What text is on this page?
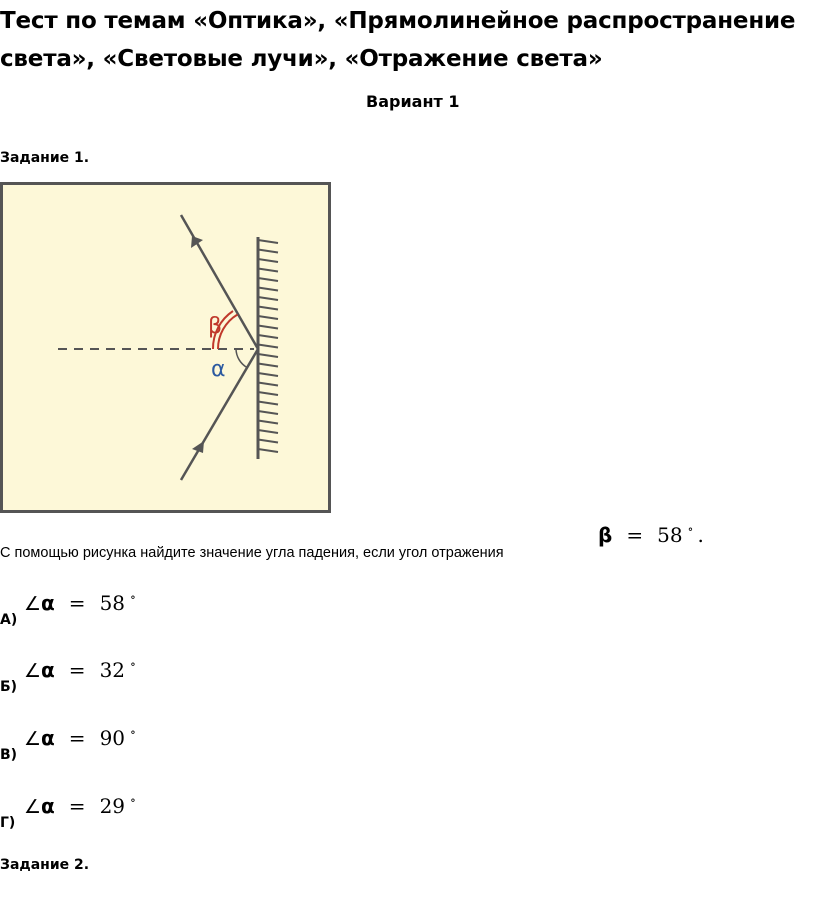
Тест по темам «Оптика», «Прямолинейное распространение света», «Световые лучи», «Отражение света»
Вариант 1
Задание 1.
β
α

С помощью рисунка найдите значение угла падения, если угол отражения

β = 58 ∘ .
А)
∠α = 58 ∘
Б)
∠α = 32 ∘
В)
∠α = 90 ∘
Г)
∠α = 29 ∘
Задание 2.
